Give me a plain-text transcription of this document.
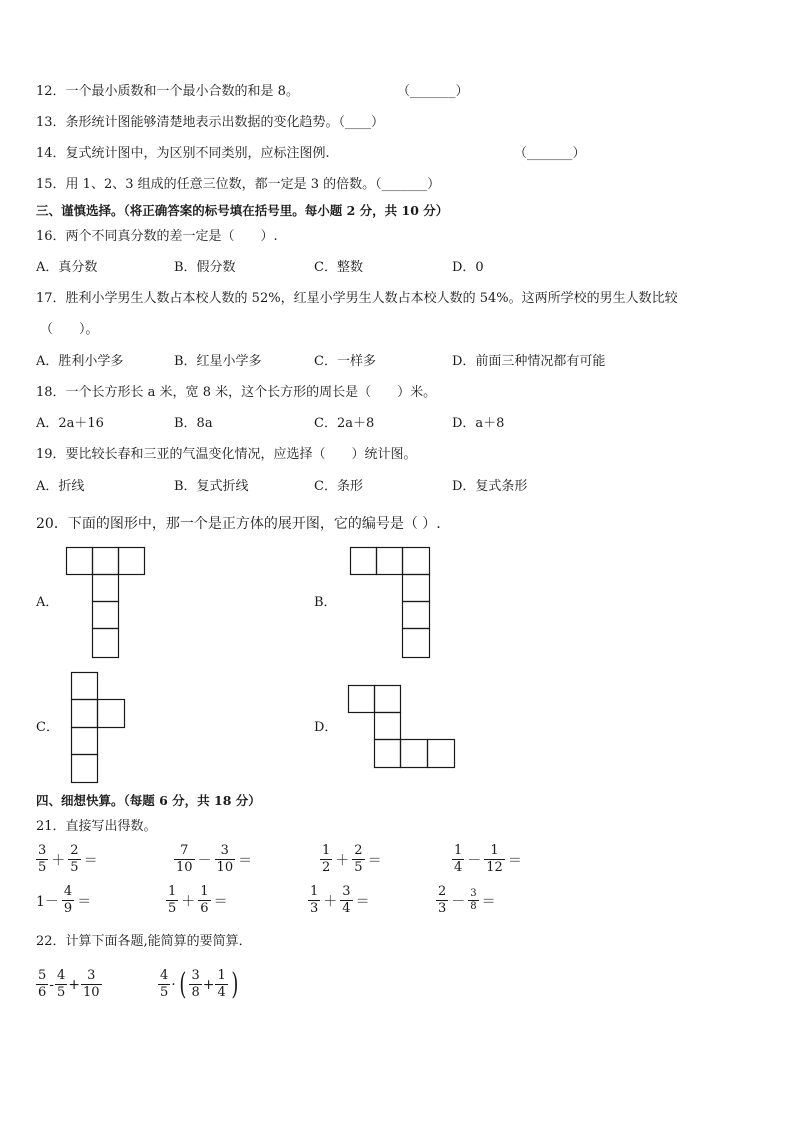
12．一个最小质数和一个最小合数的和是 8。	（_______）
13．条形统计图能够清楚地表示出数据的变化趋势。（____）
14．复式统计图中，为区别不同类别，应标注图例.	（_______）
15．用 1、2、3 组成的任意三位数，都一定是 3 的倍数。（_______）
三、谨慎选择。（将正确答案的标号填在括号里。每小题 2 分，共 10 分）
16．两个不同真分数的差一定是（　　）.
A．真分数	B．假分数	C．整数	D．0
17．胜利小学男生人数占本校人数的 52%，红星小学男生人数占本校人数的 54%。这两所学校的男生人数比较
（　　）。
A．胜利小学多	B．红星小学多	C．一样多	D．前面三种情况都有可能
18．一个长方形长 a 米，宽 8 米，这个长方形的周长是（　　）米。
A．2a＋16	B．8a	C．2a＋8	D．a＋8
19．要比较长春和三亚的气温变化情况，应选择（　　）统计图。
A．折线	B．复式折线	C．条形	D．复式条形
20．下面的图形中，那一个是正方体的展开图，它的编号是（ ）.
A．	B．
C．	D．
四、细想快算。（每题 6 分，共 18 分）
21．直接写出得数。
$\frac{3}{5} + \frac{2}{5}$ ＝	$\frac{7}{10} - \frac{3}{10}$ ＝	$\frac{1}{2} + \frac{2}{5}$ ＝	$\frac{1}{4} - \frac{1}{12}$ ＝
$1- \frac{4}{9}$ ＝	$\frac{1}{5} + \frac{1}{6}$ ＝	$\frac{1}{3} + \frac{3}{4}$ ＝	$\frac{2}{3} - \frac{3}{8}$ ＝
22．计算下面各题,能简算的要简算．
$\frac{5}{6} - \frac{4}{5} + \frac{3}{10}$	$\frac{4}{5}$ · ( $\frac{3}{8} + \frac{1}{4}$ )
